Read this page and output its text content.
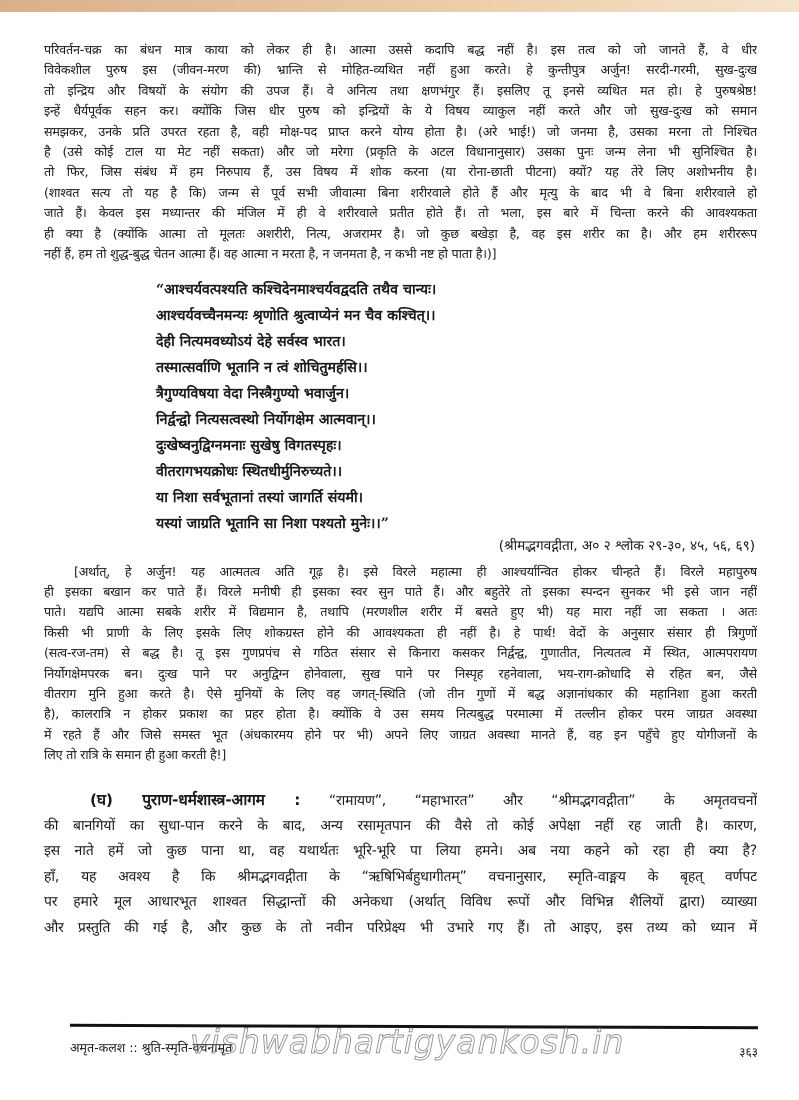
परिवर्तन-चक्र का बंधन मात्र काया को लेकर ही है। आत्मा उससे कदापि बद्ध नहीं है। इस तत्व को जो जानते हैं, वे धीर
विवेकशील पुरुष इस (जीवन-मरण की) भ्रान्ति से मोहित-व्यथित नहीं हुआ करते। हे कुन्तीपुत्र अर्जुन! सरदी-गरमी, सुख-दुःख
तो इन्द्रिय और विषयों के संयोग की उपज हैं। वे अनित्य तथा क्षणभंगुर हैं। इसलिए तू इनसे व्यथित मत हो। हे पुरुषश्रेष्ठ!
इन्हें धैर्यपूर्वक सहन कर। क्योंकि जिस धीर पुरुष को इन्द्रियों के ये विषय व्याकुल नहीं करते और जो सुख-दुःख को समान
समझकर, उनके प्रति उपरत रहता है, वही मोक्ष-पद प्राप्त करने योग्य होता है। (अरे भाई!) जो जनमा है, उसका मरना तो निश्चित
है (उसे कोई टाल या मेट नहीं सकता) और जो मरेगा (प्रकृति के अटल विधानानुसार) उसका पुनः जन्म लेना भी सुनिश्चित है।
तो फिर, जिस संबंध में हम निरुपाय हैं, उस विषय में शोक करना (या रोना-छाती पीटना) क्यों? यह तेरे लिए अशोभनीय है।
(शाश्वत सत्य तो यह है कि) जन्म से पूर्व सभी जीवात्मा बिना शरीरवाले होते हैं और मृत्यु के बाद भी वे बिना शरीरवाले हो
जाते हैं। केवल इस मध्यान्तर की मंजिल में ही वे शरीरवाले प्रतीत होते हैं। तो भला, इस बारे में चिन्ता करने की आवश्यकता
ही क्या है (क्योंकि आत्मा तो मूलतः अशरीरी, नित्य, अजरामर है। जो कुछ बखेड़ा है, वह इस शरीर का है। और हम शरीररूप
नहीं हैं, हम तो शुद्ध-बुद्ध चेतन आत्मा हैं। वह आत्मा न मरता है, न जनमता है, न कभी नष्ट हो पाता है।)]

“आश्चर्यवत्पश्यति कश्चिदेनमाश्चर्यवद्वदति तथैव चान्यः।

आश्चर्यवच्चैनमन्यः श्रृणोति श्रुत्वाप्येनं मन चैव कश्चित्।।

देही नित्यमवध्योऽयं देहे सर्वस्व भारत।

तस्मात्सर्वाणि भूतानि न त्वं शोचितुमर्हसि।।

त्रैगुण्यविषया वेदा निस्त्रैगुण्यो भवार्जुन।

निर्द्वन्द्वो नित्यसत्वस्थो निर्योगक्षेम आत्मवान्।।

दुःखेष्वनुद्विग्नमनाः सुखेषु विगतस्पृहः।

वीतरागभयक्रोधः स्थितधीर्मुनिरुच्यते।।

या निशा सर्वभूतानां तस्यां जागर्ति संयमी।

यस्यां जाग्रति भूतानि सा निशा पश्यतो मुनेः।।”

(श्रीमद्भगवद्गीता, अ० २ श्लोक २९-३०, ४५, ५६, ६९)

[अर्थात्, हे अर्जुन! यह आत्मतत्व अति गूढ़ है। इसे विरले महात्मा ही आश्चर्यान्वित होकर चीन्हते हैं। विरले महापुरुष
ही इसका बखान कर पाते हैं। विरले मनीषी ही इसका स्वर सुन पाते हैं। और बहुतेरे तो इसका स्पन्दन सुनकर भी इसे जान नहीं
पाते। यद्यपि आत्मा सबके शरीर में विद्यमान है, तथापि (मरणशील शरीर में बसते हुए भी) यह मारा नहीं जा सकता । अतः
किसी भी प्राणी के लिए इसके लिए शोकग्रस्त होने की आवश्यकता ही नहीं है। हे पार्थ! वेदों के अनुसार संसार ही त्रिगुणों
(सत्व-रज-तम) से बद्ध है। तू इस गुणप्रपंच से गठित संसार से किनारा कसकर निर्द्वन्द्व, गुणातीत, नित्यतत्व में स्थित, आत्मपरायण
निर्योगक्षेमपरक बन। दुःख पाने पर अनुद्विग्न होनेवाला, सुख पाने पर निस्पृह रहनेवाला, भय-राग-क्रोधादि से रहित बन, जैसे
वीतराग मुनि हुआ करते है। ऐसे मुनियों के लिए वह जगत्-स्थिति (जो तीन गुणों में बद्ध अज्ञानांधकार की महानिशा हुआ करती
है), कालरात्रि न होकर प्रकाश का प्रहर होता है। क्योंकि वे उस समय नित्यबुद्ध परमात्मा में तल्लीन होकर परम जाग्रत अवस्था
में रहते हैं और जिसे समस्त भूत (अंधकारमय होने पर भी) अपने लिए जाग्रत अवस्था मानते हैं, वह इन पहुँचे हुए योगीजनों के
लिए तो रात्रि के समान ही हुआ करती है!]
(घ) पुराण-धर्मशास्त्र-आगम : “रामायण”, “महाभारत” और “श्रीमद्भगवद्गीता” के अमृतवचनों
की बानगियों का सुधा-पान करने के बाद, अन्य रसामृतपान की वैसे तो कोई अपेक्षा नहीं रह जाती है। कारण,
इस नाते हमें जो कुछ पाना था, वह यथार्थतः भूरि-भूरि पा लिया हमने। अब नया कहने को रहा ही क्या है?
हाँ, यह अवश्य है कि श्रीमद्भगवद्गीता के “ऋषिभिर्बहुधागीतम्” वचनानुसार, स्मृति-वाङ्मय के बृहत् वर्णपट
पर हमारे मूल आधारभूत शाश्वत सिद्धान्तों की अनेकधा (अर्थात् विविध रूपों और विभिन्न शैलियों द्वारा) व्याख्या
और प्रस्तुति की गई है, और कुछ के तो नवीन परिप्रेक्ष्य भी उभारे गए हैं। तो आइए, इस तथ्य को ध्यान में
अमृत-कलश :: श्रुति-स्मृति-वचनामृत	३६३
vishwabhartigyankosh.in
